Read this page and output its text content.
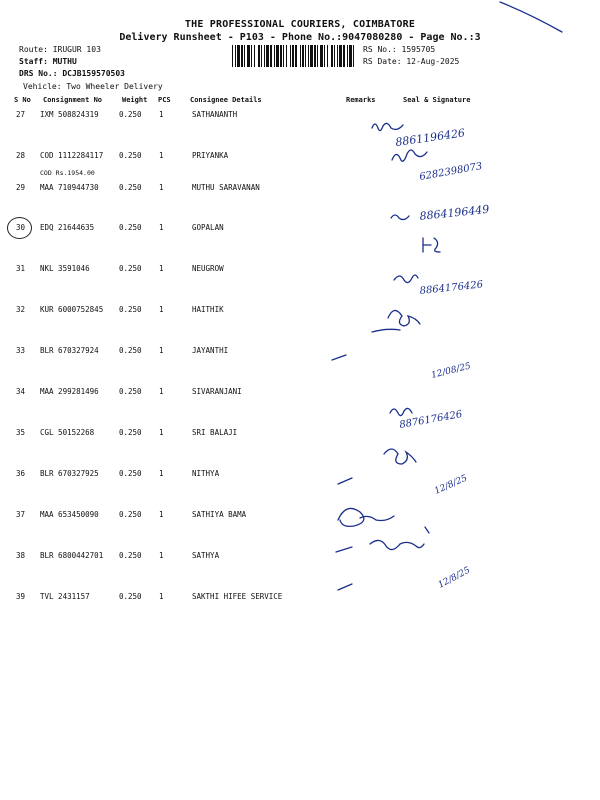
THE PROFESSIONAL COURIERS, COIMBATORE
Delivery Runsheet - P103 - Phone No.:9047080280 - Page No.:3
Route: IRUGUR 103
Staff: MUTHU
DRS No.: DCJB159570503
Vehicle: Two Wheeler Delivery
RS No.: 1595705
RS Date: 12-Aug-2025
S No Consignment No	Weight PCS	Consignee Details	Remarks	Seal & Signature
27 IXM 508824319	0.250 1	SATHANANTH
28 COD 1112284117 0.250 1	PRIYANKA
29 MAA 710944730	0.250 1	MUTHU SARAVANAN
30 EDQ 21644635	0.250 1	GOPALAN
31 NKL 3591046	0.250 1	NEUGROW
32 KUR 6000752845 0.250 1	HAITHIK
33 BLR 670327924	0.250 1	JAYANTHI
34 MAA 299281496	0.250 1	SIVARANJANI
35 CGL 50152268	0.250 1	SRI BALAJI
36 BLR 670327925	0.250 1	NITHYA
37 MAA 653450090	0.250 1	SATHIYA BAMA
38 BLR 6800442701 0.250 1	SATHYA
39 TVL 2431157	0.250 1	SAKTHI HIFEE SERVICE
COD Rs.1954.00
8861196426
6282398073
8864196449
8864176426
12/08/25
8876176426
12/8/25
12/8/25
